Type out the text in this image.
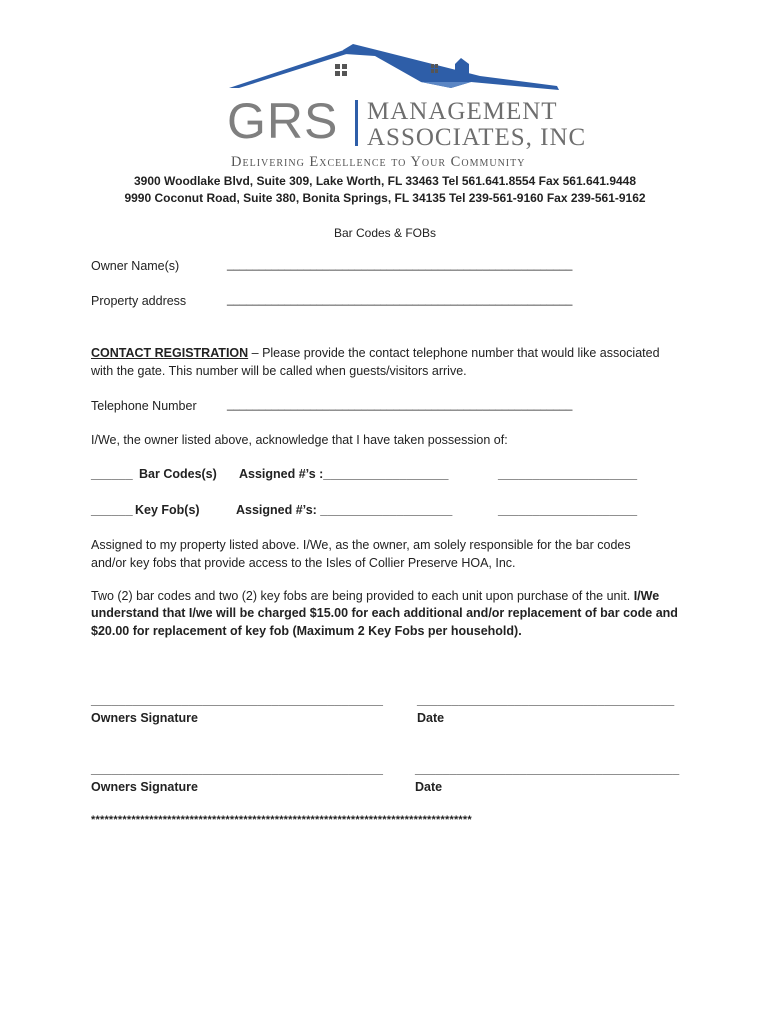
GRS MANAGEMENT
ASSOCIATES, INC
Delivering Excellence to Your Community
3900 Woodlake Blvd, Suite 309, Lake Worth, FL 33463 Tel 561.641.8554 Fax 561.641.9448
9990 Coconut Road, Suite 380, Bonita Springs, FL 34135 Tel 239-561-9160 Fax 239-561-9162
Bar Codes & FOBs
Owner Name(s)	______________________________________________________
Property address	______________________________________________________
CONTACT REGISTRATION – Please provide the contact telephone number that would like associated
with the gate. This number will be called when guests/visitors arrive.
Telephone Number	______________________________________________________
I/We, the owner listed above, acknowledge that I have taken possession of:
______ Bar Codes(s) Assigned #’s :__________________	____________________
______ Key Fob(s)	Assigned #’s: ___________________	____________________
Assigned to my property listed above. I/We, as the owner, am solely responsible for the bar codes
and/or key fobs that provide access to the Isles of Collier Preserve HOA, Inc.
Two (2) bar codes and two (2) key fobs are being provided to each unit upon purchase of the unit. I/We
understand that I/we will be charged $15.00 for each additional and/or replacement of bar code and
$20.00 for replacement of key fob (Maximum 2 Key Fobs per household).
__________________________________________	_____________________________________
Owners Signature	Date
__________________________________________	______________________________________
Owners Signature	Date
*************************************************************************************
